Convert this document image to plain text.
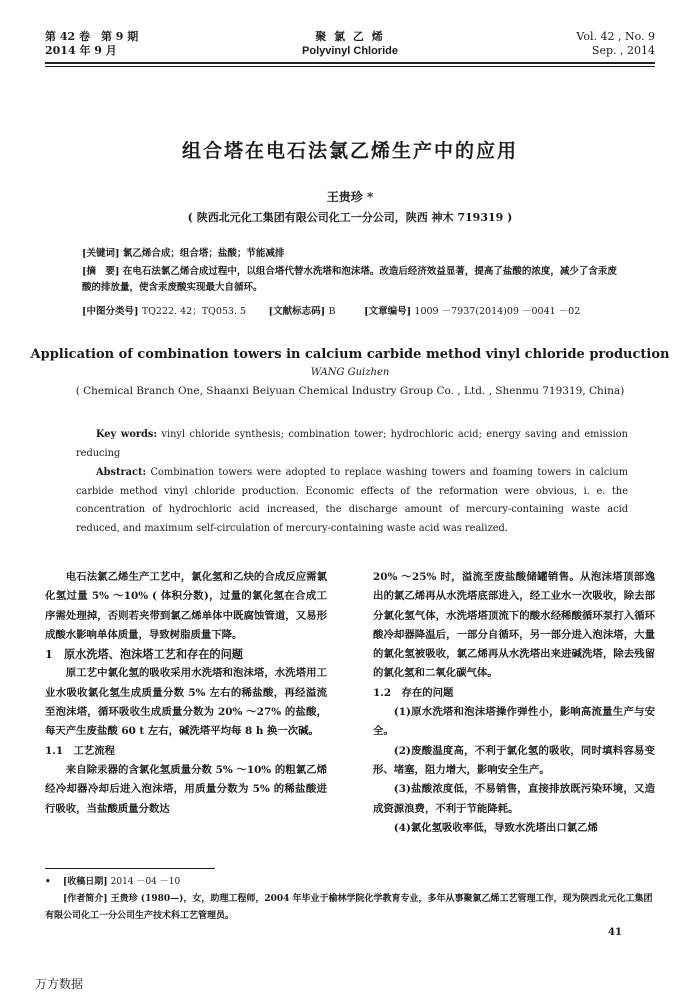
第 42 卷　第 9 期
2014 年 9 月
聚 氯 乙 烯
Polyvinyl Chloride
Vol. 42 , No. 9
Sep. , 2014
组合塔在电石法氯乙烯生产中的应用
王贵珍 *
( 陕西北元化工集团有限公司化工一分公司，陕西 神木 719319 )
[关键词] 氯乙烯合成；组合塔；盐酸；节能减排
[摘　要] 在电石法氯乙烯合成过程中，以组合塔代替水洗塔和泡沫塔。改造后经济效益显著，提高了盐酸的浓度，减少了含汞废酸的排放量，使含汞废酸实现最大自循环。
[中图分类号] TQ222. 42；TQ053. 5 [文献标志码] B	[文章编号] 1009 －7937(2014)09 －0041 －02
Application of combination towers in calcium carbide method vinyl chloride production
WANG Guizhen
( Chemical Branch One, Shaanxi Beiyuan Chemical Industry Group Co. , Ltd. , Shenmu 719319, China)
Key words: vinyl chloride synthesis; combination tower; hydrochloric acid; energy saving and emission reducing
Abstract: Combination towers were adopted to replace washing towers and foaming towers in calcium carbide method vinyl chloride production. Economic effects of the reformation were obvious, i. e. the concentration of hydrochloric acid increased, the discharge amount of mercury-containing waste acid reduced, and maximum self-circulation of mercury-containing waste acid was realized.

电石法氯乙烯生产工艺中，氯化氢和乙炔的合成反应需氯化氢过量 5% ～10% ( 体积分数)，过量的氯化氢在合成工序需处理掉，否则若夹带到氯乙烯单体中既腐蚀管道，又易形成酸水影响单体质量，导致树脂质量下降。

1　原水洗塔、泡沫塔工艺和存在的问题

原工艺中氯化氢的吸收采用水洗塔和泡沫塔，水洗塔用工业水吸收氯化氢生成质量分数 5% 左右的稀盐酸，再经溢流至泡沫塔，循环吸收生成质量分数为 20% ～27% 的盐酸，每天产生废盐酸 60 t 左右，碱洗塔平均每 8 h 换一次碱。

1.1　工艺流程

来自除汞器的含氯化氢质量分数 5% ～10% 的粗氯乙烯经冷却器冷却后进入泡沫塔，用质量分数为 5% 的稀盐酸进行吸收，当盐酸质量分数达

20% ～25% 时，溢流至废盐酸储罐销售。从泡沫塔顶部逸出的氯乙烯再从水洗塔底部进入，经工业水一次吸收，除去部分氯化氢气体，水洗塔塔顶流下的酸水经稀酸循环泵打入循环酸冷却器降温后，一部分自循环，另一部分进入泡沫塔，大量的氯化氢被吸收，氯乙烯再从水洗塔出来进碱洗塔，除去残留的氯化氢和二氧化碳气体。

1.2　存在的问题

(1)原水洗塔和泡沫塔操作弹性小，影响高流量生产与安全。

(2)废酸温度高，不利于氯化氢的吸收，同时填料容易变形、堵塞，阻力增大，影响安全生产。

(3)盐酸浓度低，不易销售，直接排放既污染环境，又造成资源浪费，不利于节能降耗。

(4)氯化氢吸收率低，导致水洗塔出口氯乙烯

• [收稿日期] 2014 －04 －10
[作者简介] 王贵珍 (1980—)，女，助理工程师，2004 年毕业于榆林学院化学教育专业，多年从事聚氯乙烯工艺管理工作，现为陕西北元化工集团有限公司化工一分公司生产技术科工艺管理员。
41
万方数据
